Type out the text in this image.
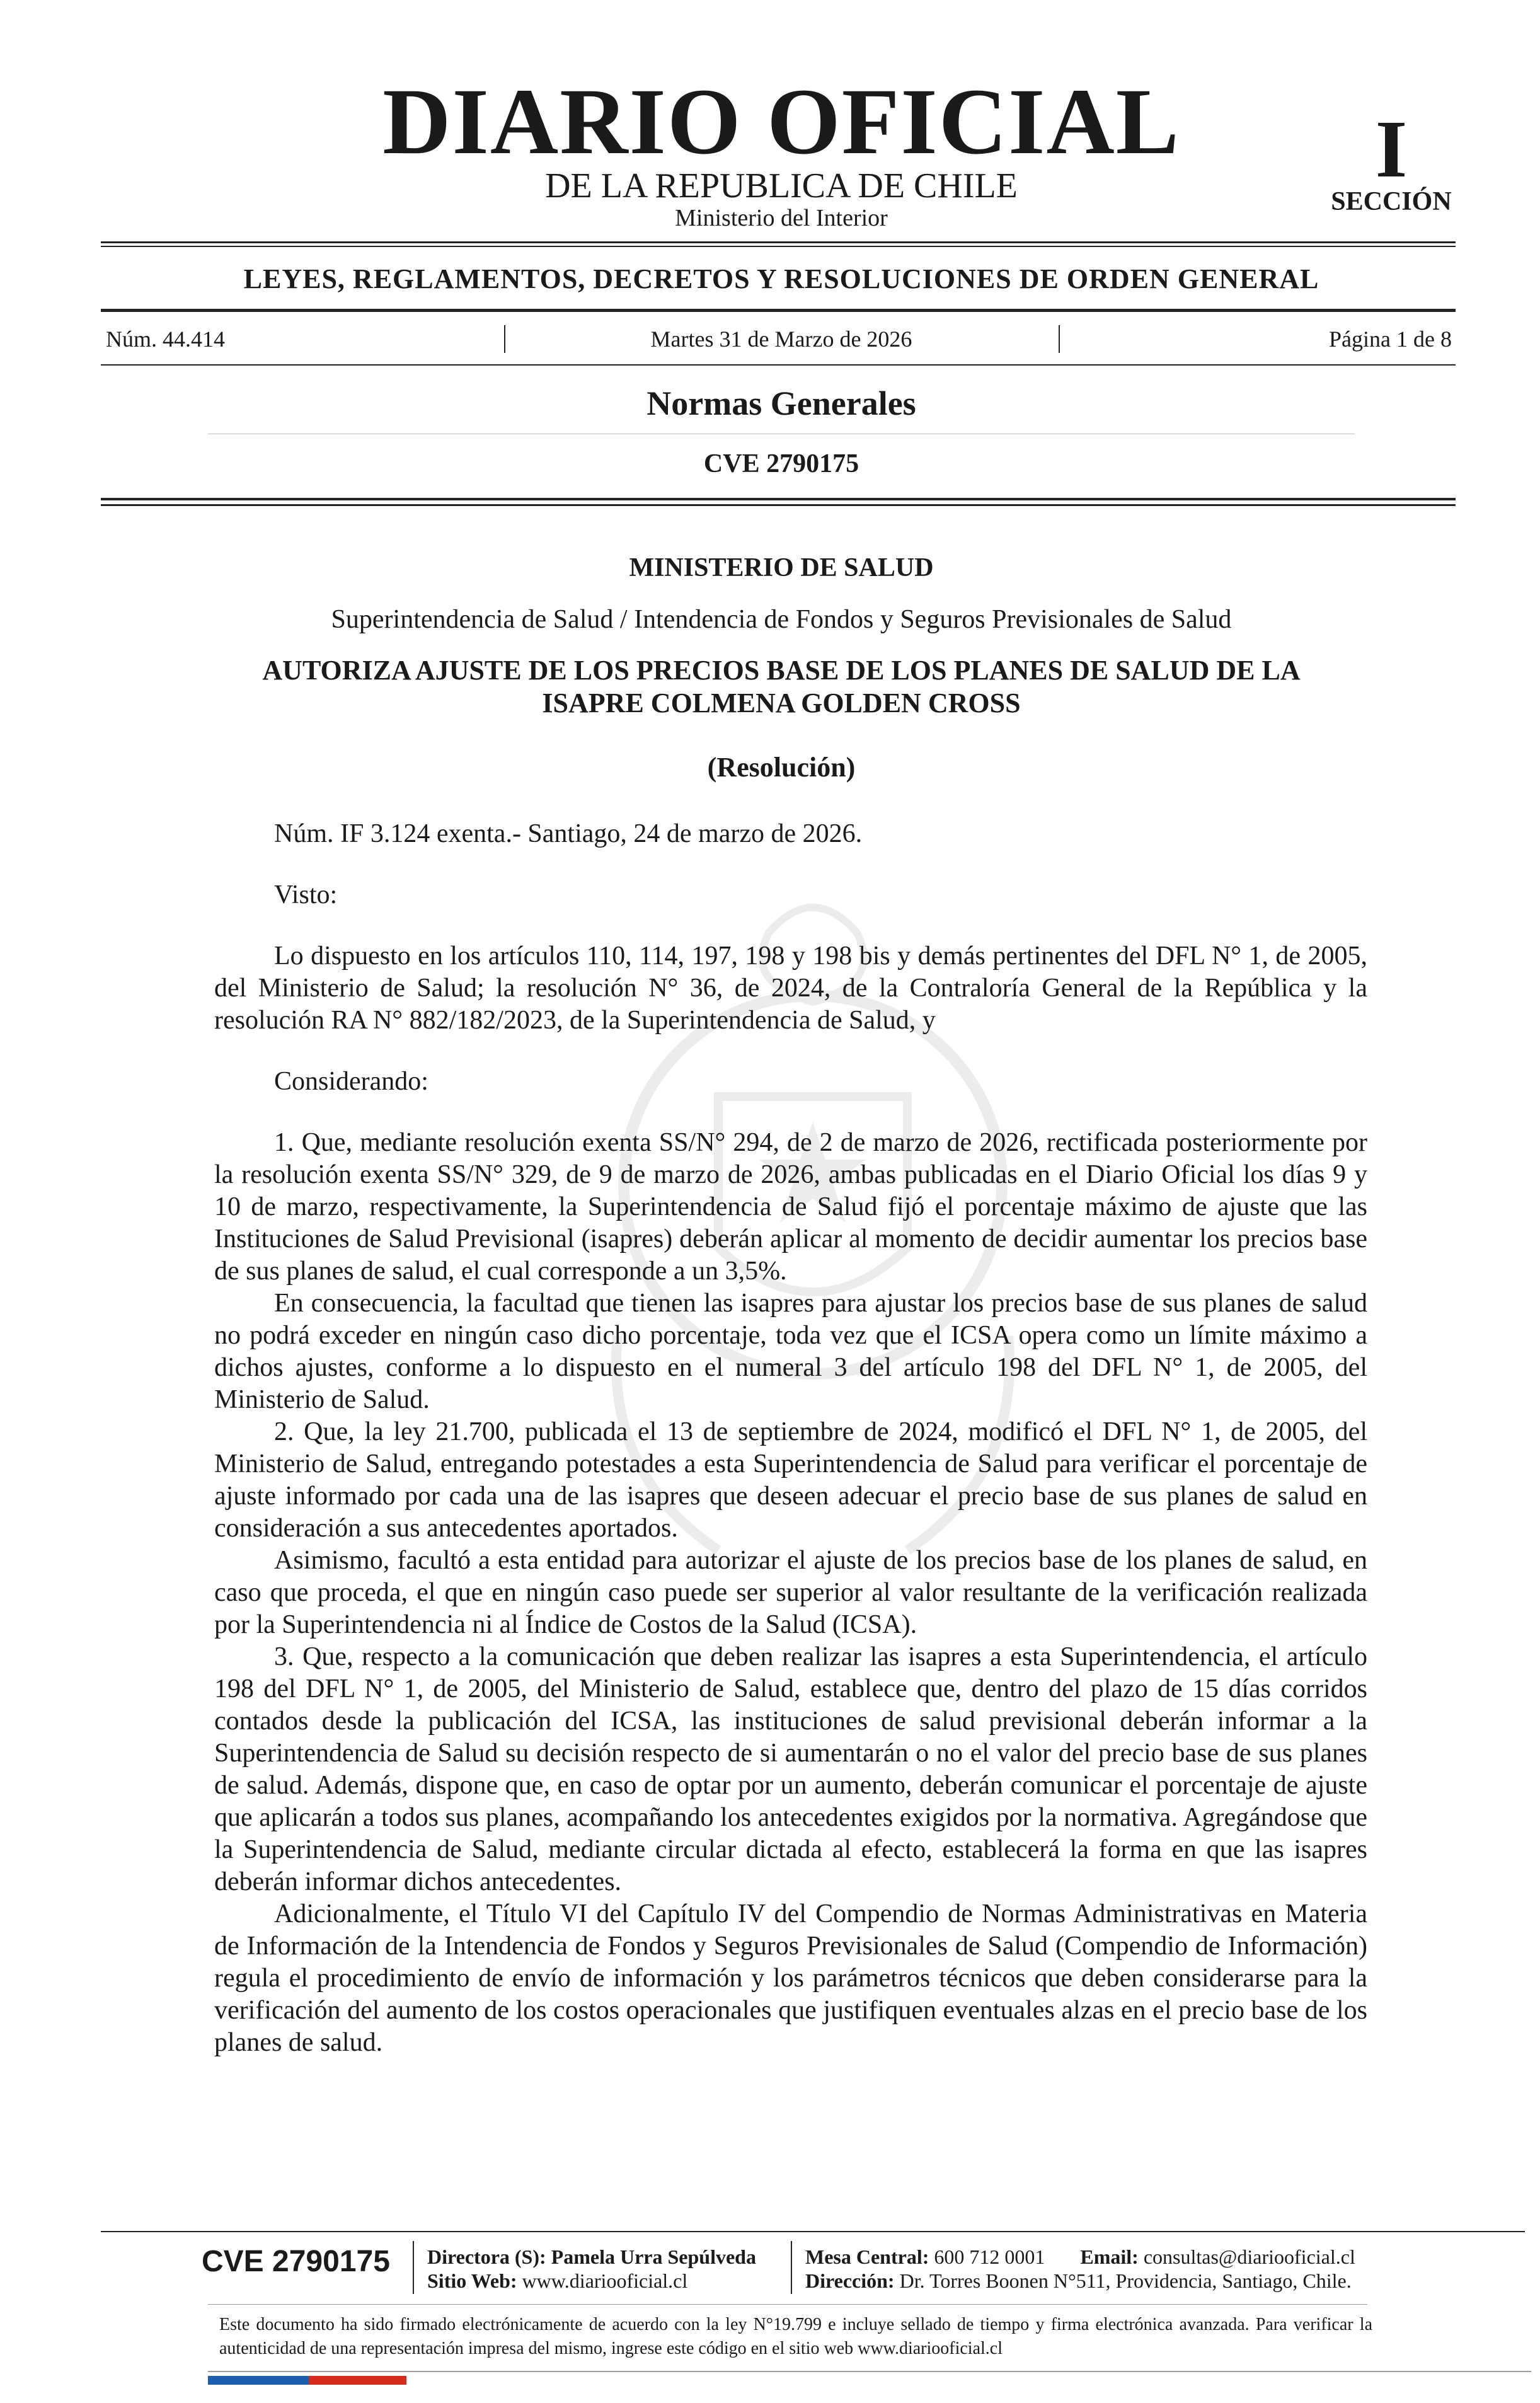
DIARIO OFICIAL
DE LA REPUBLICA DE CHILE
Ministerio del Interior
I
SECCIÓN
LEYES, REGLAMENTOS, DECRETOS Y RESOLUCIONES DE ORDEN GENERAL
Núm. 44.414	Martes 31 de Marzo de 2026	Página 1 de 8
Normas Generales
CVE 2790175
MINISTERIO DE SALUD
Superintendencia de Salud / Intendencia de Fondos y Seguros Previsionales de Salud
AUTORIZA AJUSTE DE LOS PRECIOS BASE DE LOS PLANES DE SALUD DE LA ISAPRE COLMENA GOLDEN CROSS
(Resolución)

Núm. IF 3.124 exenta.- Santiago, 24 de marzo de 2026.

Visto:

Lo dispuesto en los artículos 110, 114, 197, 198 y 198 bis y demás pertinentes del DFL N° 1, de 2005, del Ministerio de Salud; la resolución N° 36, de 2024, de la Contraloría General de la República y la resolución RA N° 882/182/2023, de la Superintendencia de Salud, y

Considerando:

1. Que, mediante resolución exenta SS/N° 294, de 2 de marzo de 2026, rectificada posteriormente por la resolución exenta SS/N° 329, de 9 de marzo de 2026, ambas publicadas en el Diario Oficial los días 9 y 10 de marzo, respectivamente, la Superintendencia de Salud fijó el porcentaje máximo de ajuste que las Instituciones de Salud Previsional (isapres) deberán aplicar al momento de decidir aumentar los precios base de sus planes de salud, el cual corresponde a un 3,5%.

En consecuencia, la facultad que tienen las isapres para ajustar los precios base de sus planes de salud no podrá exceder en ningún caso dicho porcentaje, toda vez que el ICSA opera como un límite máximo a dichos ajustes, conforme a lo dispuesto en el numeral 3 del artículo 198 del DFL N° 1, de 2005, del Ministerio de Salud.

2. Que, la ley 21.700, publicada el 13 de septiembre de 2024, modificó el DFL N° 1, de 2005, del Ministerio de Salud, entregando potestades a esta Superintendencia de Salud para verificar el porcentaje de ajuste informado por cada una de las isapres que deseen adecuar el precio base de sus planes de salud en consideración a sus antecedentes aportados.

Asimismo, facultó a esta entidad para autorizar el ajuste de los precios base de los planes de salud, en caso que proceda, el que en ningún caso puede ser superior al valor resultante de la verificación realizada por la Superintendencia ni al Índice de Costos de la Salud (ICSA).

3. Que, respecto a la comunicación que deben realizar las isapres a esta Superintendencia, el artículo 198 del DFL N° 1, de 2005, del Ministerio de Salud, establece que, dentro del plazo de 15 días corridos contados desde la publicación del ICSA, las instituciones de salud previsional deberán informar a la Superintendencia de Salud su decisión respecto de si aumentarán o no el valor del precio base de sus planes de salud. Además, dispone que, en caso de optar por un aumento, deberán comunicar el porcentaje de ajuste que aplicarán a todos sus planes, acompañando los antecedentes exigidos por la normativa. Agregándose que la Superintendencia de Salud, mediante circular dictada al efecto, establecerá la forma en que las isapres deberán informar dichos antecedentes.

Adicionalmente, el Título VI del Capítulo IV del Compendio de Normas Administrativas en Materia de Información de la Intendencia de Fondos y Seguros Previsionales de Salud (Compendio de Información) regula el procedimiento de envío de información y los parámetros técnicos que deben considerarse para la verificación del aumento de los costos operacionales que justifiquen eventuales alzas en el precio base de los planes de salud.

CVE 2790175 Directora (S): Pamela Urra Sepúlveda
Sitio Web: www.diariooficial.cl
Mesa Central: 600 712 0001 Email: consultas@diariooficial.cl
Dirección: Dr. Torres Boonen N°511, Providencia, Santiago, Chile.
Este documento ha sido firmado electrónicamente de acuerdo con la ley N°19.799 e incluye sellado de tiempo y firma electrónica avanzada. Para verificar la autenticidad de una representación impresa del mismo, ingrese este código en el sitio web www.diariooficial.cl
